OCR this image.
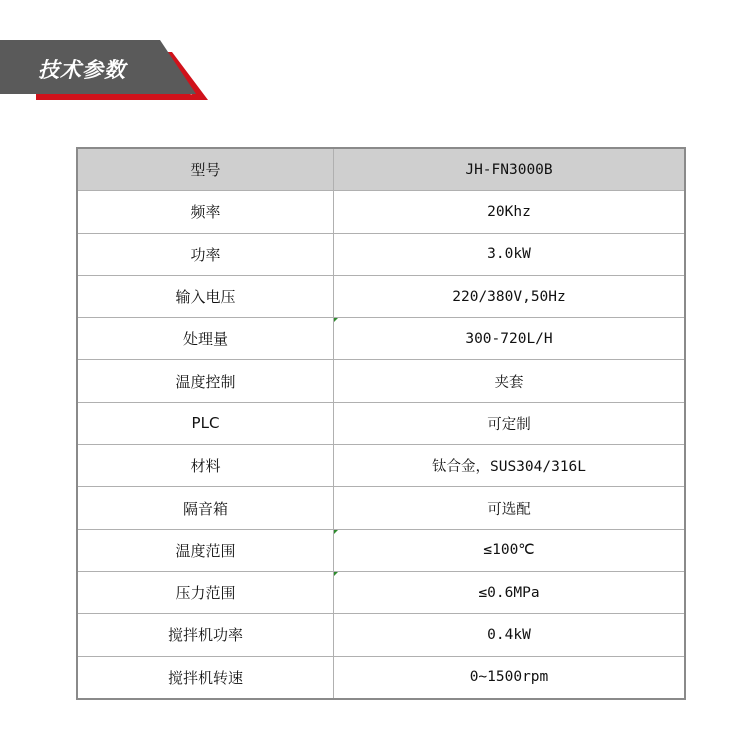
技术参数
型号	JH-FN3000B
频率	20Khz
功率	3.0kW
输入电压	220/380V,50Hz
处理量	300-720L/H
温度控制	夹套
PLC	可定制
材料	钛合金，SUS304/316L
隔音箱	可选配
温度范围	≤100℃
压力范围	≤0.6MPa
搅拌机功率	0.4kW
搅拌机转速	0~1500rpm
